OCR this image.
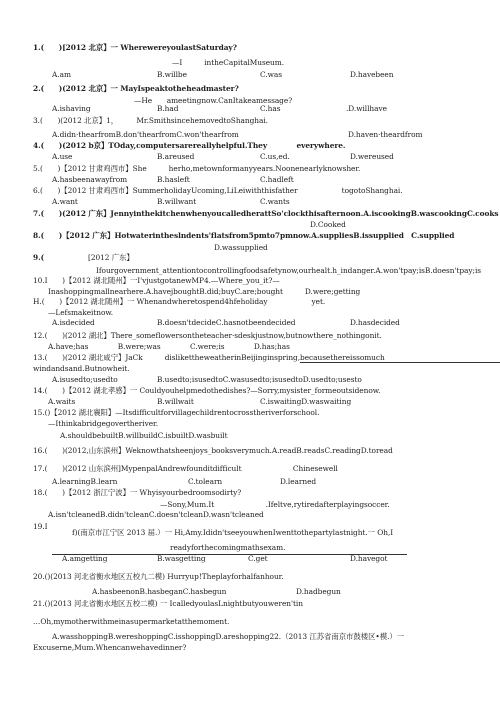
1.(　　)[2012 北京】一 WherewereyoulastSaturday?
—I　　　intheCapitalMuseum.
A.am	B.willbe	C.was	D.havebeen
2.(　　)(2012 北京】一 MayIspeaktotheheadmaster?
—He　　ameetingnow.CanItakeamessage?
A.ishaving	B.had	C.has	.D.willhave
3.(　　)(2012 北京】1，　　　Mr.SmithsincehemovedtoShanghai.
A.didn·thearfromB.don'thearfromC.won'thearfrom	D.haven·theardfrom
4.(　　)(2012 b京】TOday,computersarereallyhelpful.They　　　　everywhere.
A.use	B.areused	C.us,ed.	D.wereused
5.(　　)【2012 甘肃鸡西市】She　　　herho,metownformanyyears.Noonenearlyknowsher.
A.hasbeenawayfrom	B.hasleft	C.hadleft
6.(　　)【2012 甘肃鸡西市】SummerholidayUcoming,LiLeiwiththisfather　　　　　　togotoShanghai.
A.want	B.willwant	C.wants
7.(　　)(2012 广东】JennyinthekitchenwhenyoucalledherattSo'clockthisafternoon.A.iscookingB.wascookingC.cooks
D.Cooked
8.(　　)【2012 广东】Hotwaterintheslndents'flatsfrom5pmto7pmnow.A.suppliesB.issupplied　C.supplied
D.wassupplied
9.(	[2012 广东】
Ifourgovernment_attentiontocontrollingfoodsafetynow,ourhealt.h_indanger.A.won'tpay;isB.doesn'tpay;is
10.I　　)【2012 湖北随州】一I'vjustgotanewMP4.—Where_you_it?—
Inashoppingmallnearhere.A.havejboughtB.did;buyC.are;bought　　　D.were;getting
H.(　　)【2012 湖北随州】一 Whenandwheretospend4hfeholiday　　　　　　yet.
—Lefsmakeitnow.
A.isdecided	B.doesn'tdecideC.hasnotbeendecided	D.hasdecided
12.(　　)(2012 湖北】There_someflowersontheteacher·sdeskjustnow,butnowthere_nothingonit.
A.have;has　　　　B.were;was　　　　C.were;is　　　　D.has;has
13.(　　)(2012 湖北咸宁】JaCk　　　dislikettheweatherinBeijinginspring,becausethereissomuch
windandsand.Butnowheit.
A.isusedto;usedto	B.usedto;isusedtoC.wasusedto;isusedtoD.usedto;usesto
14.(　　)【2012 湖北孝感】一 Couldyouhelpmedothedishes?—Sorry,mysister_formeoutsidenow.
A.waits	B.willwait	C.iswaitingD.waswaiting
15.()【2012 湖北襄阳】—Itsdifficultforvillagechildrentocrosstheriverforschool.
—Ithinkabridgegovertheriver.
A.shouldbebuiltB.willbuildC.isbuiltD.wasbuilt
16.(　　)(2012,山东滨州】Weknowthatsheenjoys_booksverymuch.A.readB.readsC.readingD.toread
17.(　　)(2012 山东滨州]MypenpalAndrewfounditdifficult　　　　　　　Chinesewell
A.learningB.learn	C.tolearn	D.learned
18.(　　)【2012 浙江宁波】一 Whyisyourbedroomsodirty?
—Sony,Mum.It　　　　　　　.Ifeltve,rytiredafterplayingsoccer.
A.isn'tcleanedB.didn'tcleanC.doesn'tcleanD.wasn'tcleaned
19.I
f)(南京市江宁区 2013 届.）一 Hi,Amy.Ididn'tseeyouwhenIwenttothepartylastnight.一 Oh,I
readyforthecomingmathsexam.
A.amgetting	B.wasgetting	C.get	D.havegot
20.()(2013 河北省衡水地区五校九二模) Hurryup!Theplayforhalfanhour.
A.hasbeenonB.hasbeganC.hasbegun	D.hadbegun
21.()(2013 河北省衡水地区五校二模) 一 IcalledyoulasLnightbutyouweren'tin
…Oh,mymotherwithmeinasupermarketatthemoment.
A.wasshoppingB.wereshoppingC.isshoppingD.areshopping22.（2013 江苏省南京市鼓楼区•模.）一
Excuserne,Mum.Whencanwehavedinner?
